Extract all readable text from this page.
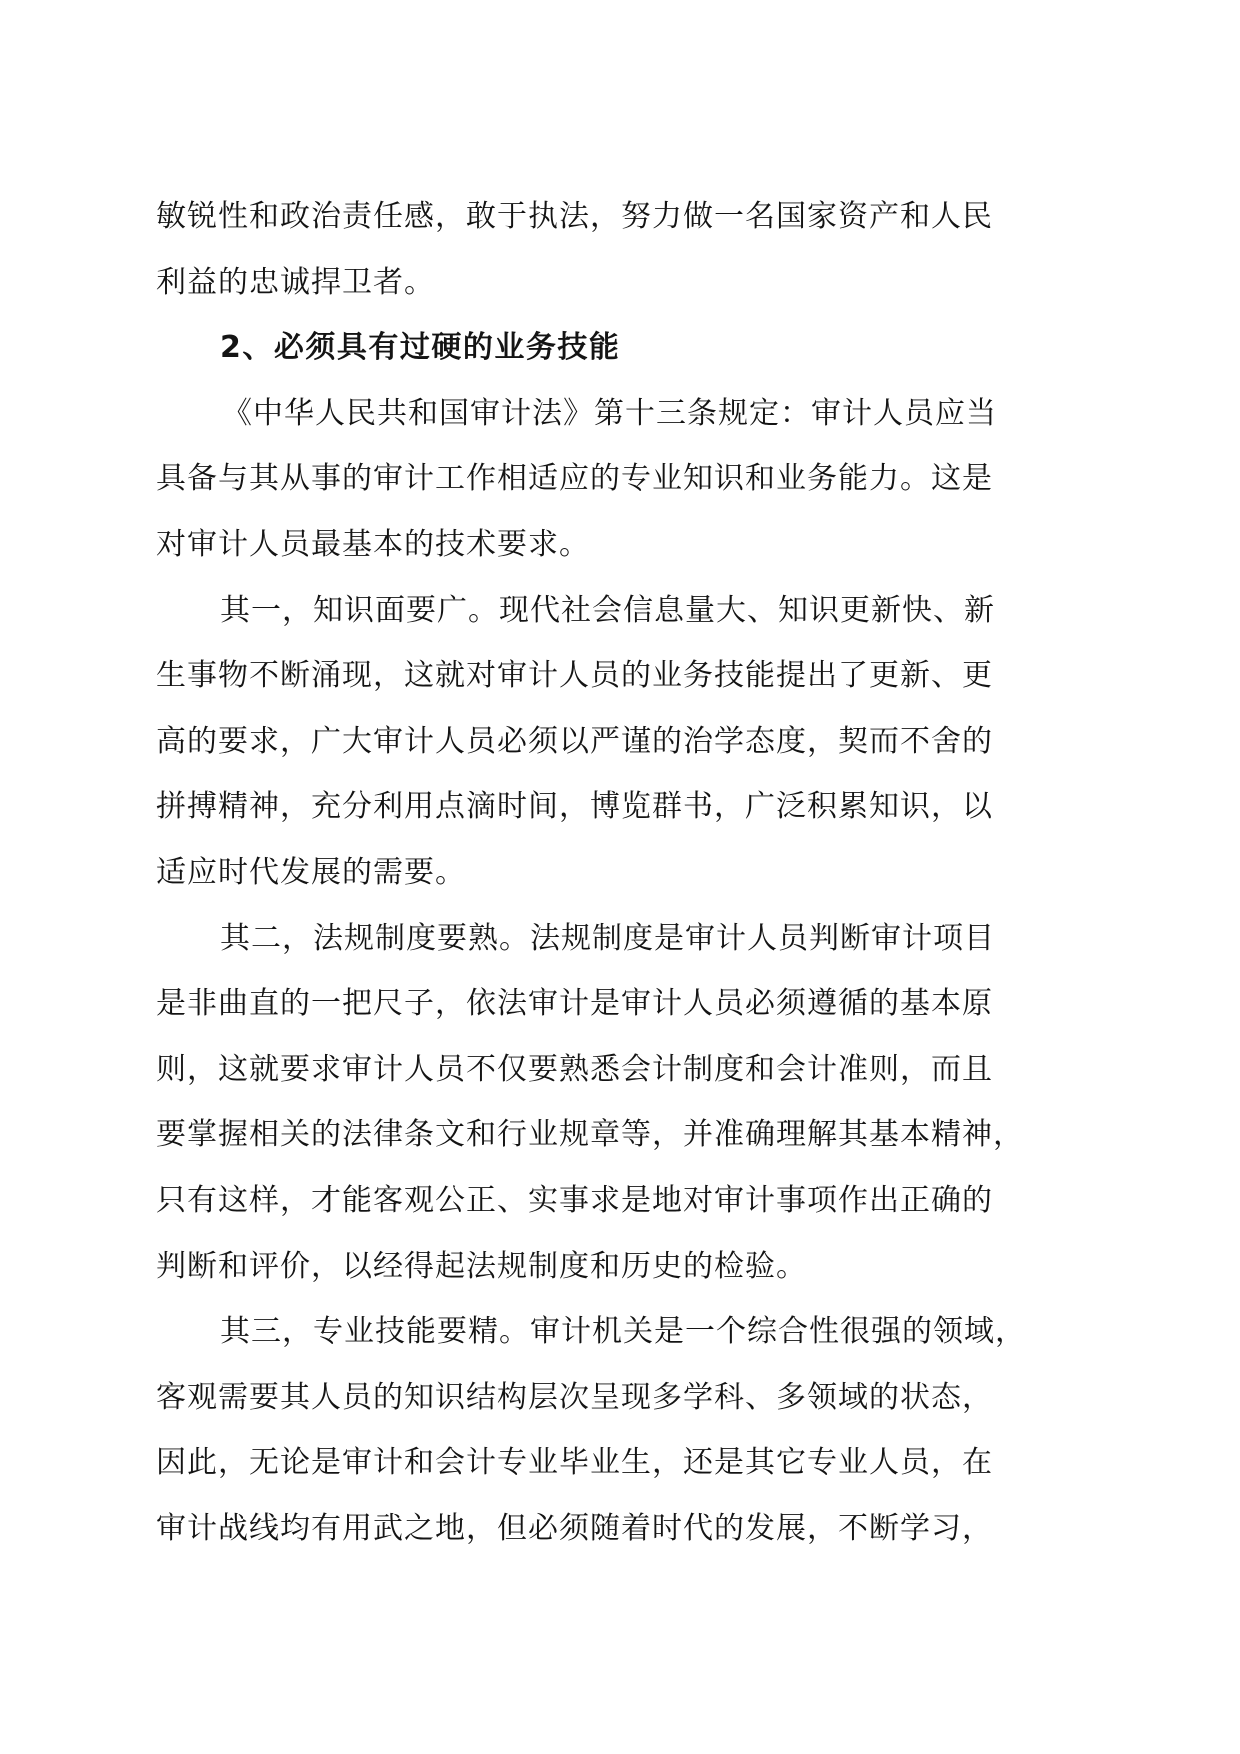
敏锐性和政治责任感，敢于执法，努力做一名国家资产和人民
利益的忠诚捍卫者。
2、必须具有过硬的业务技能
《中华人民共和国审计法》第十三条规定：审计人员应当
具备与其从事的审计工作相适应的专业知识和业务能力。这是
对审计人员最基本的技术要求。
其一，知识面要广。现代社会信息量大、知识更新快、新
生事物不断涌现，这就对审计人员的业务技能提出了更新、更
高的要求，广大审计人员必须以严谨的治学态度，契而不舍的
拼搏精神，充分利用点滴时间，博览群书，广泛积累知识，以
适应时代发展的需要。
其二，法规制度要熟。法规制度是审计人员判断审计项目
是非曲直的一把尺子，依法审计是审计人员必须遵循的基本原
则，这就要求审计人员不仅要熟悉会计制度和会计准则，而且
要掌握相关的法律条文和行业规章等，并准确理解其基本精神，
只有这样，才能客观公正、实事求是地对审计事项作出正确的
判断和评价，以经得起法规制度和历史的检验。
其三，专业技能要精。审计机关是一个综合性很强的领域，
客观需要其人员的知识结构层次呈现多学科、多领域的状态，
因此，无论是审计和会计专业毕业生，还是其它专业人员，在
审计战线均有用武之地，但必须随着时代的发展，不断学习，
